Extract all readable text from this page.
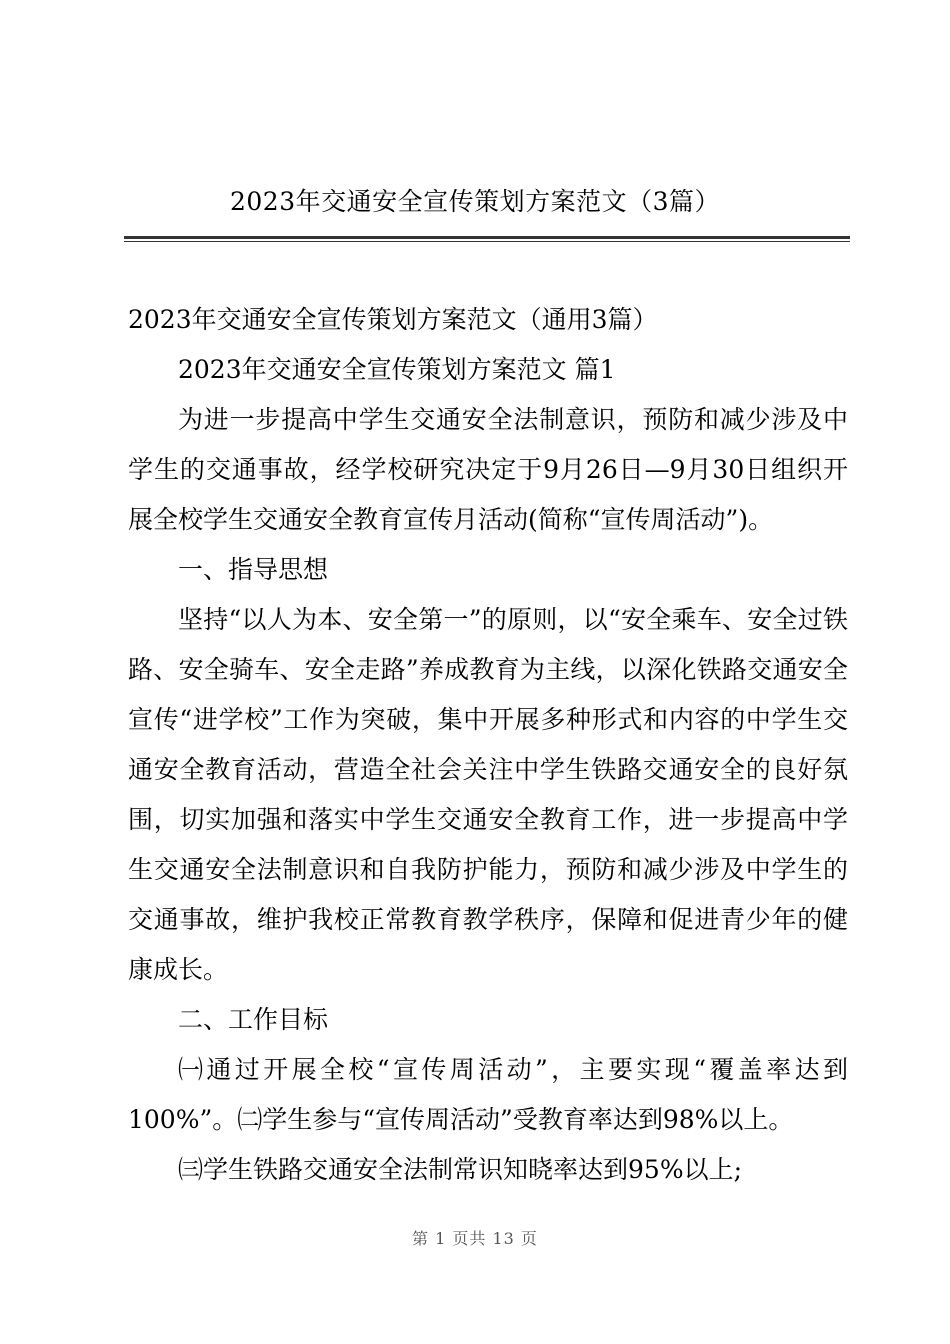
2023年交通安全宣传策划方案范文（3篇）

2023年交通安全宣传策划方案范文（通用3篇）

2023年交通安全宣传策划方案范文 篇1

为进一步提高中学生交通安全法制意识，预防和减少涉及中学生的交通事故，经学校研究决定于9月26日—9月30日组织开展全校学生交通安全教育宣传月活动(简称“宣传周活动”)。

一、指导思想

坚持“以人为本、安全第一”的原则，以“安全乘车、安全过铁路、安全骑车、安全走路”养成教育为主线，以深化铁路交通安全宣传“进学校”工作为突破，集中开展多种形式和内容的中学生交通安全教育活动，营造全社会关注中学生铁路交通安全的良好氛围，切实加强和落实中学生交通安全教育工作，进一步提高中学生交通安全法制意识和自我防护能力，预防和减少涉及中学生的交通事故，维护我校正常教育教学秩序，保障和促进青少年的健康成长。

二、工作目标

㈠通过开展全校“宣传周活动”，主要实现“覆盖率达到100%”。㈡学生参与“宣传周活动”受教育率达到98%以上。

㈢学生铁路交通安全法制常识知晓率达到95%以上;

第 1 页共 13 页
